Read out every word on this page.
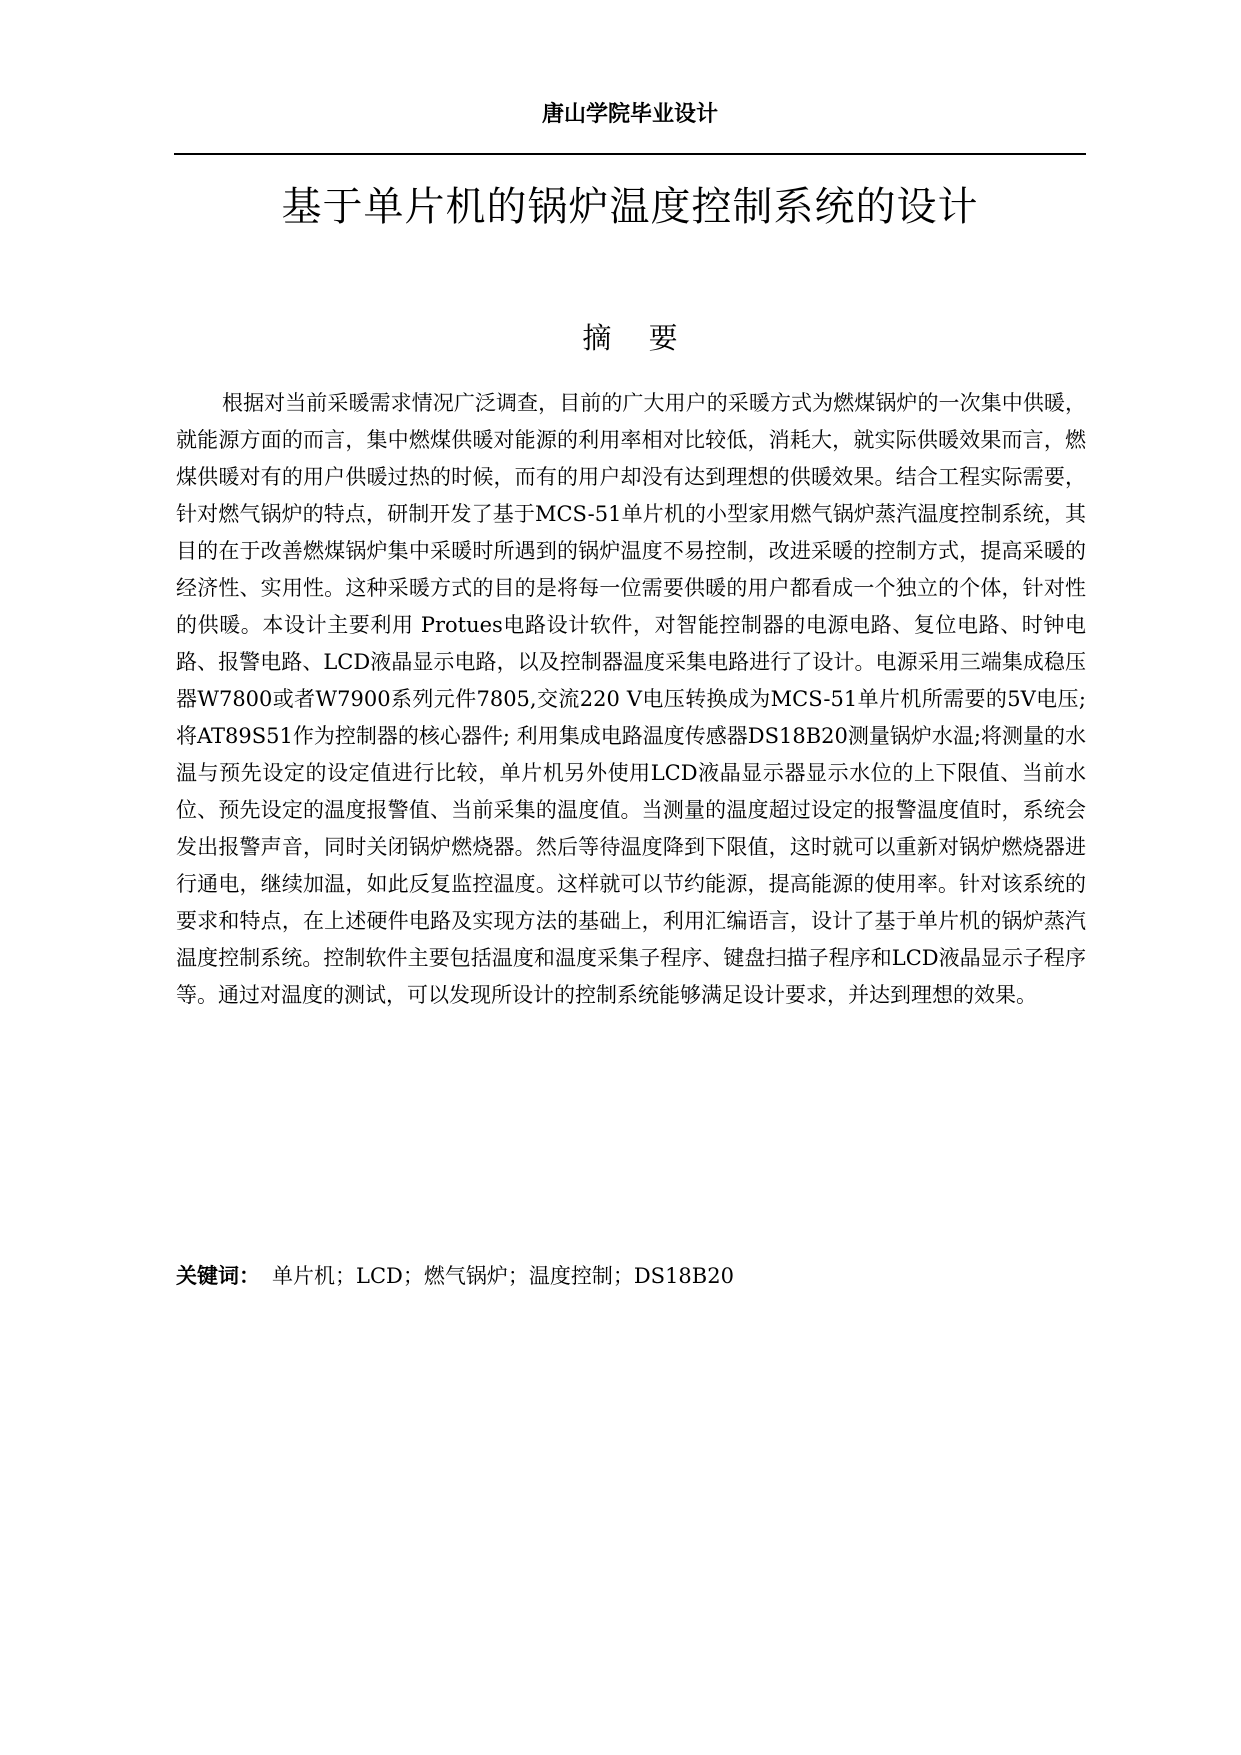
唐山学院毕业设计
基于单片机的锅炉温度控制系统的设计
摘 要

根据对当前采暖需求情况广泛调查，目前的广大用户的采暖方式为燃煤锅炉的一次集中供暖，就能源方面的而言，集中燃煤供暖对能源的利用率相对比较低，消耗大，就实际供暖效果而言，燃煤供暖对有的用户供暖过热的时候，而有的用户却没有达到理想的供暖效果。结合工程实际需要，针对燃气锅炉的特点，研制开发了基于MCS-51单片机的小型家用燃气锅炉蒸汽温度控制系统，其目的在于改善燃煤锅炉集中采暖时所遇到的锅炉温度不易控制，改进采暖的控制方式，提高采暖的经济性、实用性。这种采暖方式的目的是将每一位需要供暖的用户都看成一个独立的个体，针对性的供暖。本设计主要利用 Protues电路设计软件，对智能控制器的电源电路、复位电路、时钟电路、报警电路、LCD液晶显示电路，以及控制器温度采集电路进行了设计。电源采用三端集成稳压器W7800或者W7900系列元件7805,交流220 V电压转换成为MCS-51单片机所需要的5V电压; 将AT89S51作为控制器的核心器件; 利用集成电路温度传感器DS18B20测量锅炉水温;将测量的水温与预先设定的设定值进行比较，单片机另外使用LCD液晶显示器显示水位的上下限值、当前水位、预先设定的温度报警值、当前采集的温度值。当测量的温度超过设定的报警温度值时，系统会发出报警声音，同时关闭锅炉燃烧器。然后等待温度降到下限值，这时就可以重新对锅炉燃烧器进行通电，继续加温，如此反复监控温度。这样就可以节约能源，提高能源的使用率。针对该系统的要求和特点，在上述硬件电路及实现方法的基础上，利用汇编语言，设计了基于单片机的锅炉蒸汽温度控制系统。控制软件主要包括温度和温度采集子程序、键盘扫描子程序和LCD液晶显示子程序等。通过对温度的测试，可以发现所设计的控制系统能够满足设计要求，并达到理想的效果。

关键词： 单片机；LCD；燃气锅炉；温度控制；DS18B20
